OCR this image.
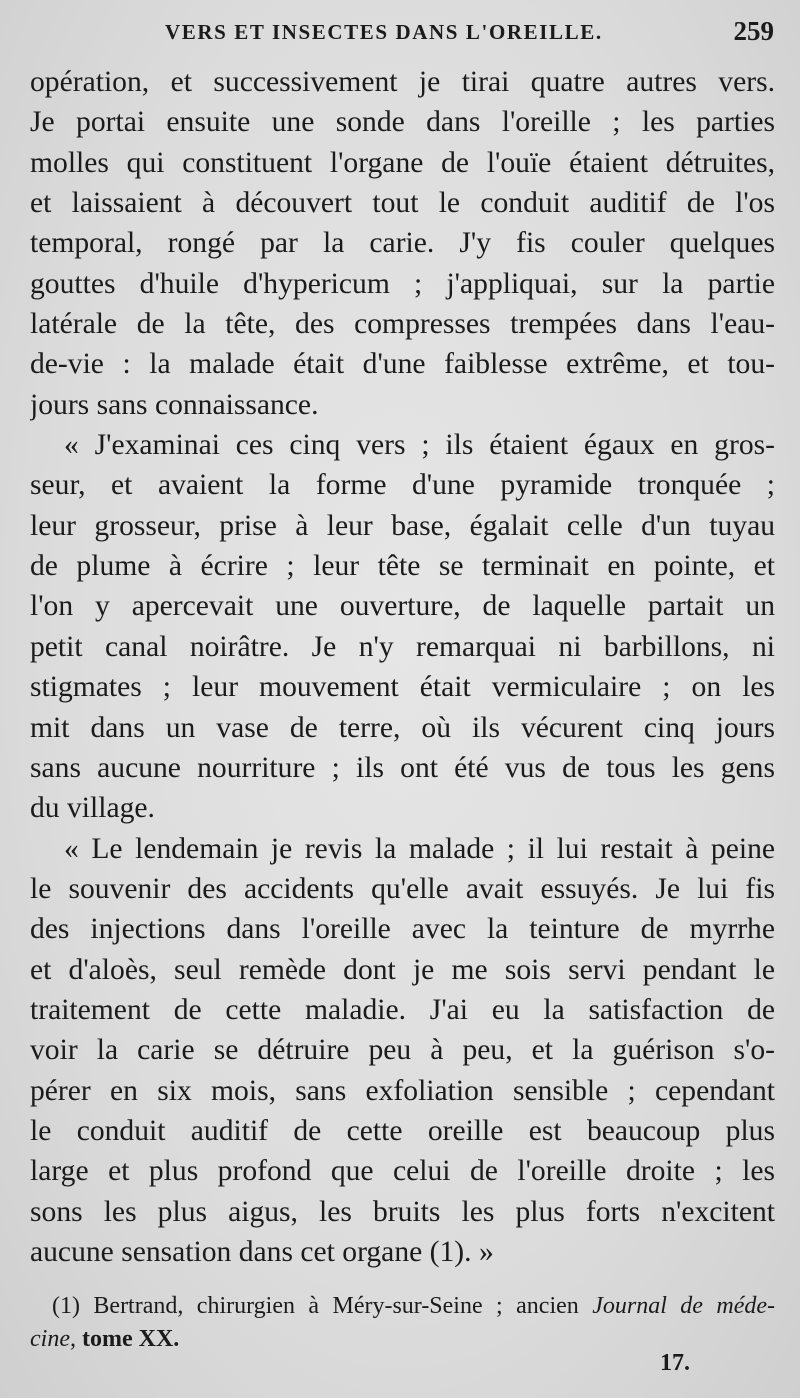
VERS ET INSECTES DANS L'OREILLE.	259
opération, et successivement je tirai quatre autres vers.
Je portai ensuite une sonde dans l'oreille ; les parties
molles qui constituent l'organe de l'ouïe étaient détruites,
et laissaient à découvert tout le conduit auditif de l'os
temporal, rongé par la carie. J'y fis couler quelques
gouttes d'huile d'hypericum ; j'appliquai, sur la partie
latérale de la tête, des compresses trempées dans l'eau-
de-vie : la malade était d'une faiblesse extrême, et tou-
jours sans connaissance.
« J'examinai ces cinq vers ; ils étaient égaux en gros-
seur, et avaient la forme d'une pyramide tronquée ;
leur grosseur, prise à leur base, égalait celle d'un tuyau
de plume à écrire ; leur tête se terminait en pointe, et
l'on y apercevait une ouverture, de laquelle partait un
petit canal noirâtre. Je n'y remarquai ni barbillons, ni
stigmates ; leur mouvement était vermiculaire ; on les
mit dans un vase de terre, où ils vécurent cinq jours
sans aucune nourriture ; ils ont été vus de tous les gens
du village.
« Le lendemain je revis la malade ; il lui restait à peine
le souvenir des accidents qu'elle avait essuyés. Je lui fis
des injections dans l'oreille avec la teinture de myrrhe
et d'aloès, seul remède dont je me sois servi pendant le
traitement de cette maladie. J'ai eu la satisfaction de
voir la carie se détruire peu à peu, et la guérison s'o-
pérer en six mois, sans exfoliation sensible ; cependant
le conduit auditif de cette oreille est beaucoup plus
large et plus profond que celui de l'oreille droite ; les
sons les plus aigus, les bruits les plus forts n'excitent
aucune sensation dans cet organe (1). »
(1) Bertrand, chirurgien à Méry-sur-Seine ; ancien Journal de méde-
cine, tome XX.
17.
